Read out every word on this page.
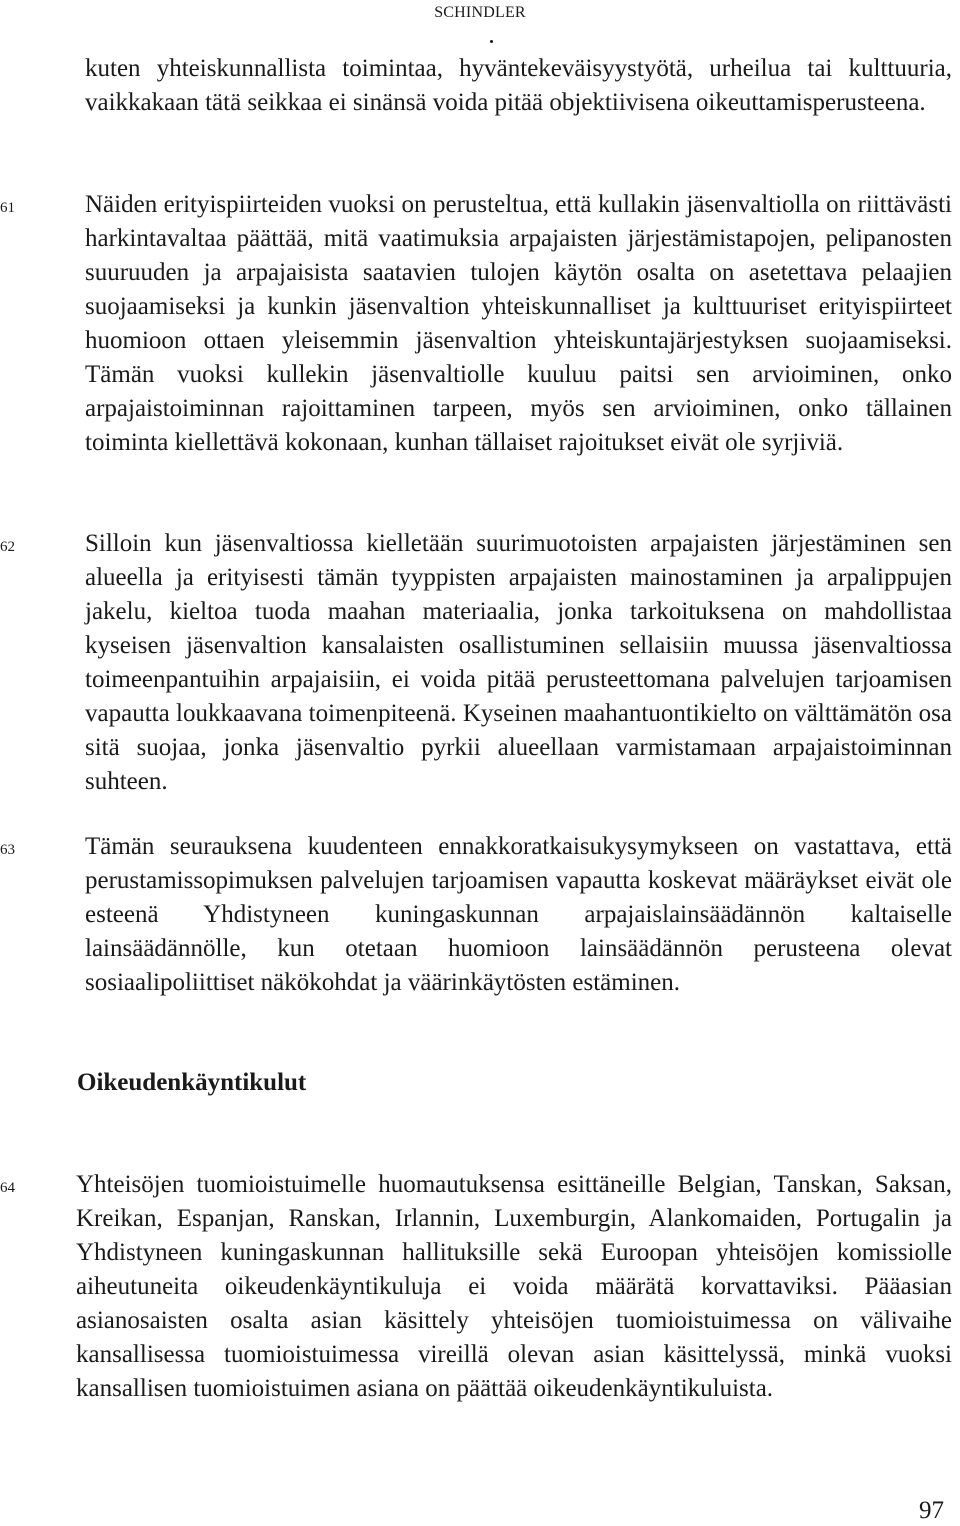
SCHINDLER
kuten yhteiskunnallista toimintaa, hyväntekeväisyystyötä, urheilua tai kulttuuria, vaikkakaan tätä seikkaa ei sinänsä voida pitää objektiivisena oikeuttamisperusteena.
61	Näiden erityispiirteiden vuoksi on perusteltua, että kullakin jäsenvaltiolla on riittävästi harkintavaltaa päättää, mitä vaatimuksia arpajaisten järjestämistapojen, pelipanosten suuruuden ja arpajaisista saatavien tulojen käytön osalta on asetettava pelaajien suojaamiseksi ja kunkin jäsenvaltion yhteiskunnalliset ja kulttuuriset erityispiirteet huomioon ottaen yleisemmin jäsenvaltion yhteiskuntajärjestyksen suojaamiseksi. Tämän vuoksi kullekin jäsenvaltiolle kuuluu paitsi sen arvioiminen, onko arpajaistoiminnan rajoittaminen tarpeen, myös sen arvioiminen, onko tällainen toiminta kiellettävä kokonaan, kunhan tällaiset rajoitukset eivät ole syrjiviä.
62	Silloin kun jäsenvaltiossa kielletään suurimuotoisten arpajaisten järjestäminen sen alueella ja erityisesti tämän tyyppisten arpajaisten mainostaminen ja arpalippujen jakelu, kieltoa tuoda maahan materiaalia, jonka tarkoituksena on mahdollistaa kyseisen jäsenvaltion kansalaisten osallistuminen sellaisiin muussa jäsenvaltiossa toimeenpantuihin arpajaisiin, ei voida pitää perusteettomana palvelujen tarjoamisen vapautta loukkaavana toimenpiteenä. Kyseinen maahantuontikielto on välttämätön osa sitä suojaa, jonka jäsenvaltio pyrkii alueellaan varmistamaan arpajaistoiminnan suhteen.
63	Tämän seurauksena kuudenteen ennakkoratkaisukysymykseen on vastattava, että perustamissopimuksen palvelujen tarjoamisen vapautta koskevat määräykset eivät ole esteenä Yhdistyneen kuningaskunnan arpajaislainsäädännön kaltaiselle lainsäädännölle, kun otetaan huomioon lainsäädännön perusteena olevat sosiaalipoliittiset näkökohdat ja väärinkäytösten estäminen.
Oikeudenkäyntikulut
64	Yhteisöjen tuomioistuimelle huomautuksensa esittäneille Belgian, Tanskan, Saksan, Kreikan, Espanjan, Ranskan, Irlannin, Luxemburgin, Alankomaiden, Portugalin ja Yhdistyneen kuningaskunnan hallituksille sekä Euroopan yhteisöjen komissiolle aiheutuneita oikeudenkäyntikuluja ei voida määrätä korvattaviksi. Pääasian asianosaisten osalta asian käsittely yhteisöjen tuomioistuimessa on välivaihe kansallisessa tuomioistuimessa vireillä olevan asian käsittelyssä, minkä vuoksi kansallisen tuomioistuimen asiana on päättää oikeudenkäyntikuluista.
97
